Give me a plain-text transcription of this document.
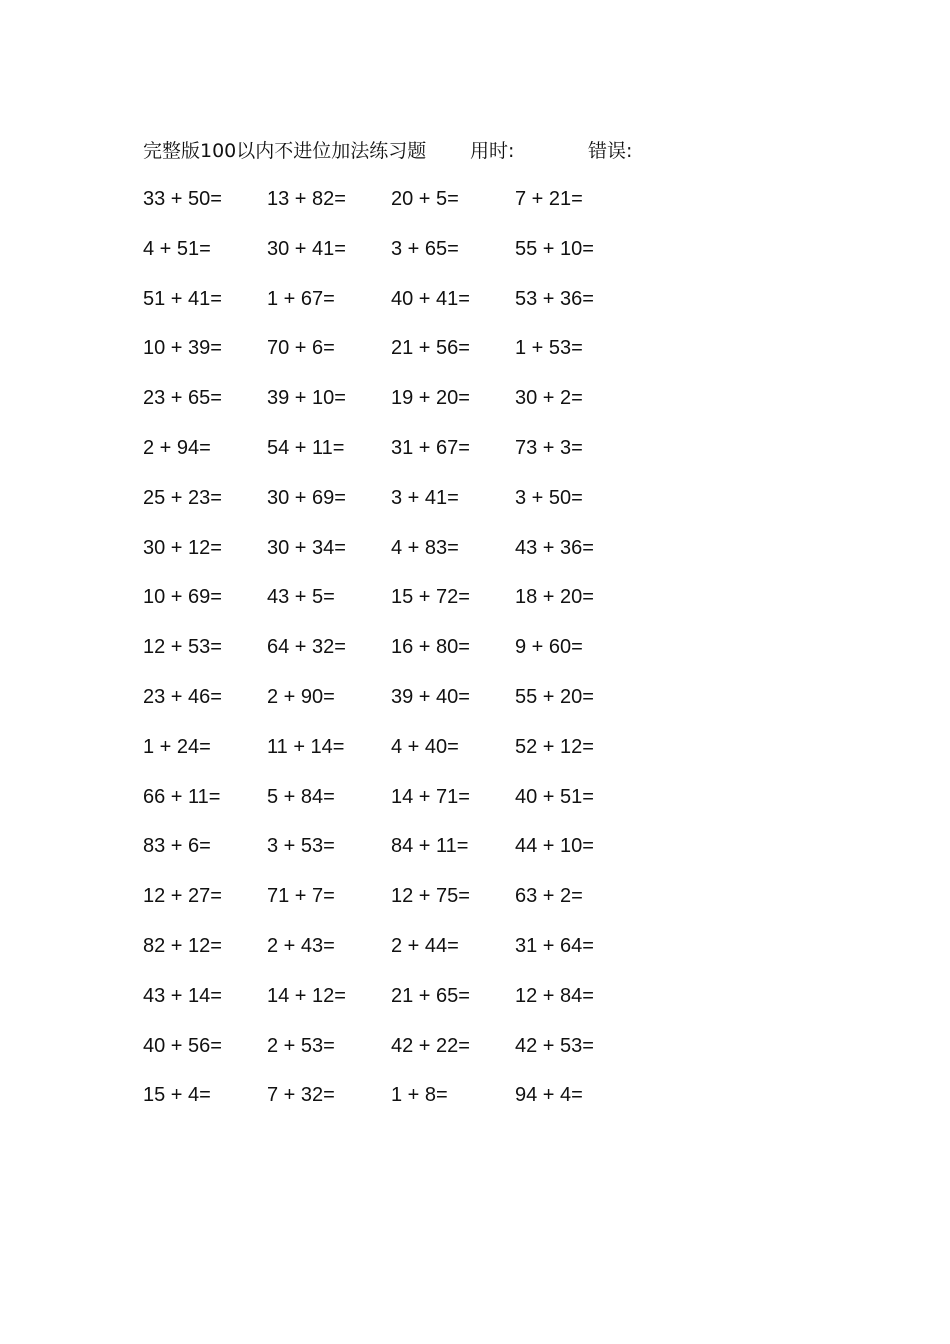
完整版100以内不进位加法练习题 用时:	错误:
33 + 50=	13 + 82=	20 + 5=	7 + 21=
4 + 51=	30 + 41=	3 + 65=	55 + 10=
51 + 41=	1 + 67=	40 + 41=	53 + 36=
10 + 39=	70 + 6=	21 + 56=	1 + 53=
23 + 65=	39 + 10=	19 + 20=	30 + 2=
2 + 94=	54 + 11=	31 + 67=	73 + 3=
25 + 23=	30 + 69=	3 + 41=	3 + 50=
30 + 12=	30 + 34=	4 + 83=	43 + 36=
10 + 69=	43 + 5=	15 + 72=	18 + 20=
12 + 53=	64 + 32=	16 + 80=	9 + 60=
23 + 46=	2 + 90=	39 + 40=	55 + 20=
1 + 24=	11 + 14=	4 + 40=	52 + 12=
66 + 11=	5 + 84=	14 + 71=	40 + 51=
83 + 6=	3 + 53=	84 + 11=	44 + 10=
12 + 27=	71 + 7=	12 + 75=	63 + 2=
82 + 12=	2 + 43=	2 + 44=	31 + 64=
43 + 14=	14 + 12=	21 + 65=	12 + 84=
40 + 56=	2 + 53=	42 + 22=	42 + 53=
15 + 4=	7 + 32=	1 + 8=	94 + 4=
